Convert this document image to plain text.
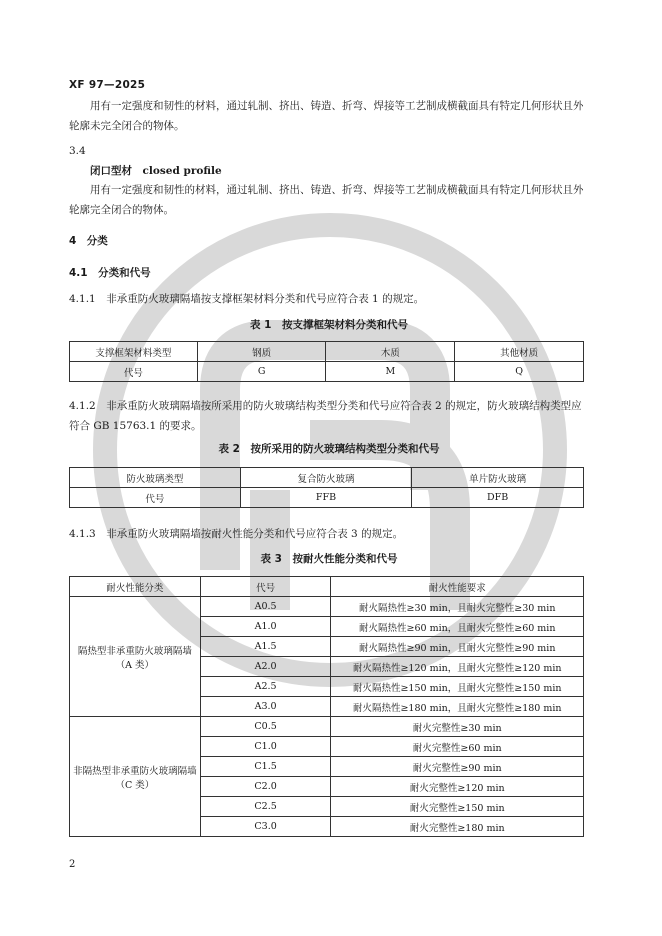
XF 97—2025
用有一定强度和韧性的材料，通过轧制、挤出、铸造、折弯、焊接等工艺制成横截面具有特定几何形状且外轮廓未完全闭合的物体。
3.4
闭口型材　closed profile
用有一定强度和韧性的材料，通过轧制、挤出、铸造、折弯、焊接等工艺制成横截面具有特定几何形状且外轮廓完全闭合的物体。
4　分类
4.1　分类和代号
4.1.1　非承重防火玻璃隔墙按支撑框架材料分类和代号应符合表 1 的规定。
表 1　按支撑框架材料分类和代号
支撑框架材料类型	钢质	木质	其他材质
代号	G	M	Q
4.1.2　非承重防火玻璃隔墙按所采用的防火玻璃结构类型分类和代号应符合表 2 的规定，防火玻璃结构类型应符合 GB 15763.1 的要求。
表 2　按所采用的防火玻璃结构类型分类和代号
防火玻璃类型	复合防火玻璃	单片防火玻璃
代号	FFB	DFB
4.1.3　非承重防火玻璃隔墙按耐火性能分类和代号应符合表 3 的规定。
表 3　按耐火性能分类和代号
耐火性能分类	代号	耐火性能要求

隔热型非承重防火玻璃隔墙
（A 类）	A0.5	耐火隔热性≥30 min，且耐火完整性≥30 min
	A1.0	耐火隔热性≥60 min，且耐火完整性≥60 min
	A1.5	耐火隔热性≥90 min，且耐火完整性≥90 min
	A2.0	耐火隔热性≥120 min，且耐火完整性≥120 min
	A2.5	耐火隔热性≥150 min，且耐火完整性≥150 min
	A3.0	耐火隔热性≥180 min，且耐火完整性≥180 min

非隔热型非承重防火玻璃隔墙
（C 类）	C0.5	耐火完整性≥30 min
	C1.0	耐火完整性≥60 min
	C1.5	耐火完整性≥90 min
	C2.0	耐火完整性≥120 min
	C2.5	耐火完整性≥150 min
	C3.0	耐火完整性≥180 min
2
